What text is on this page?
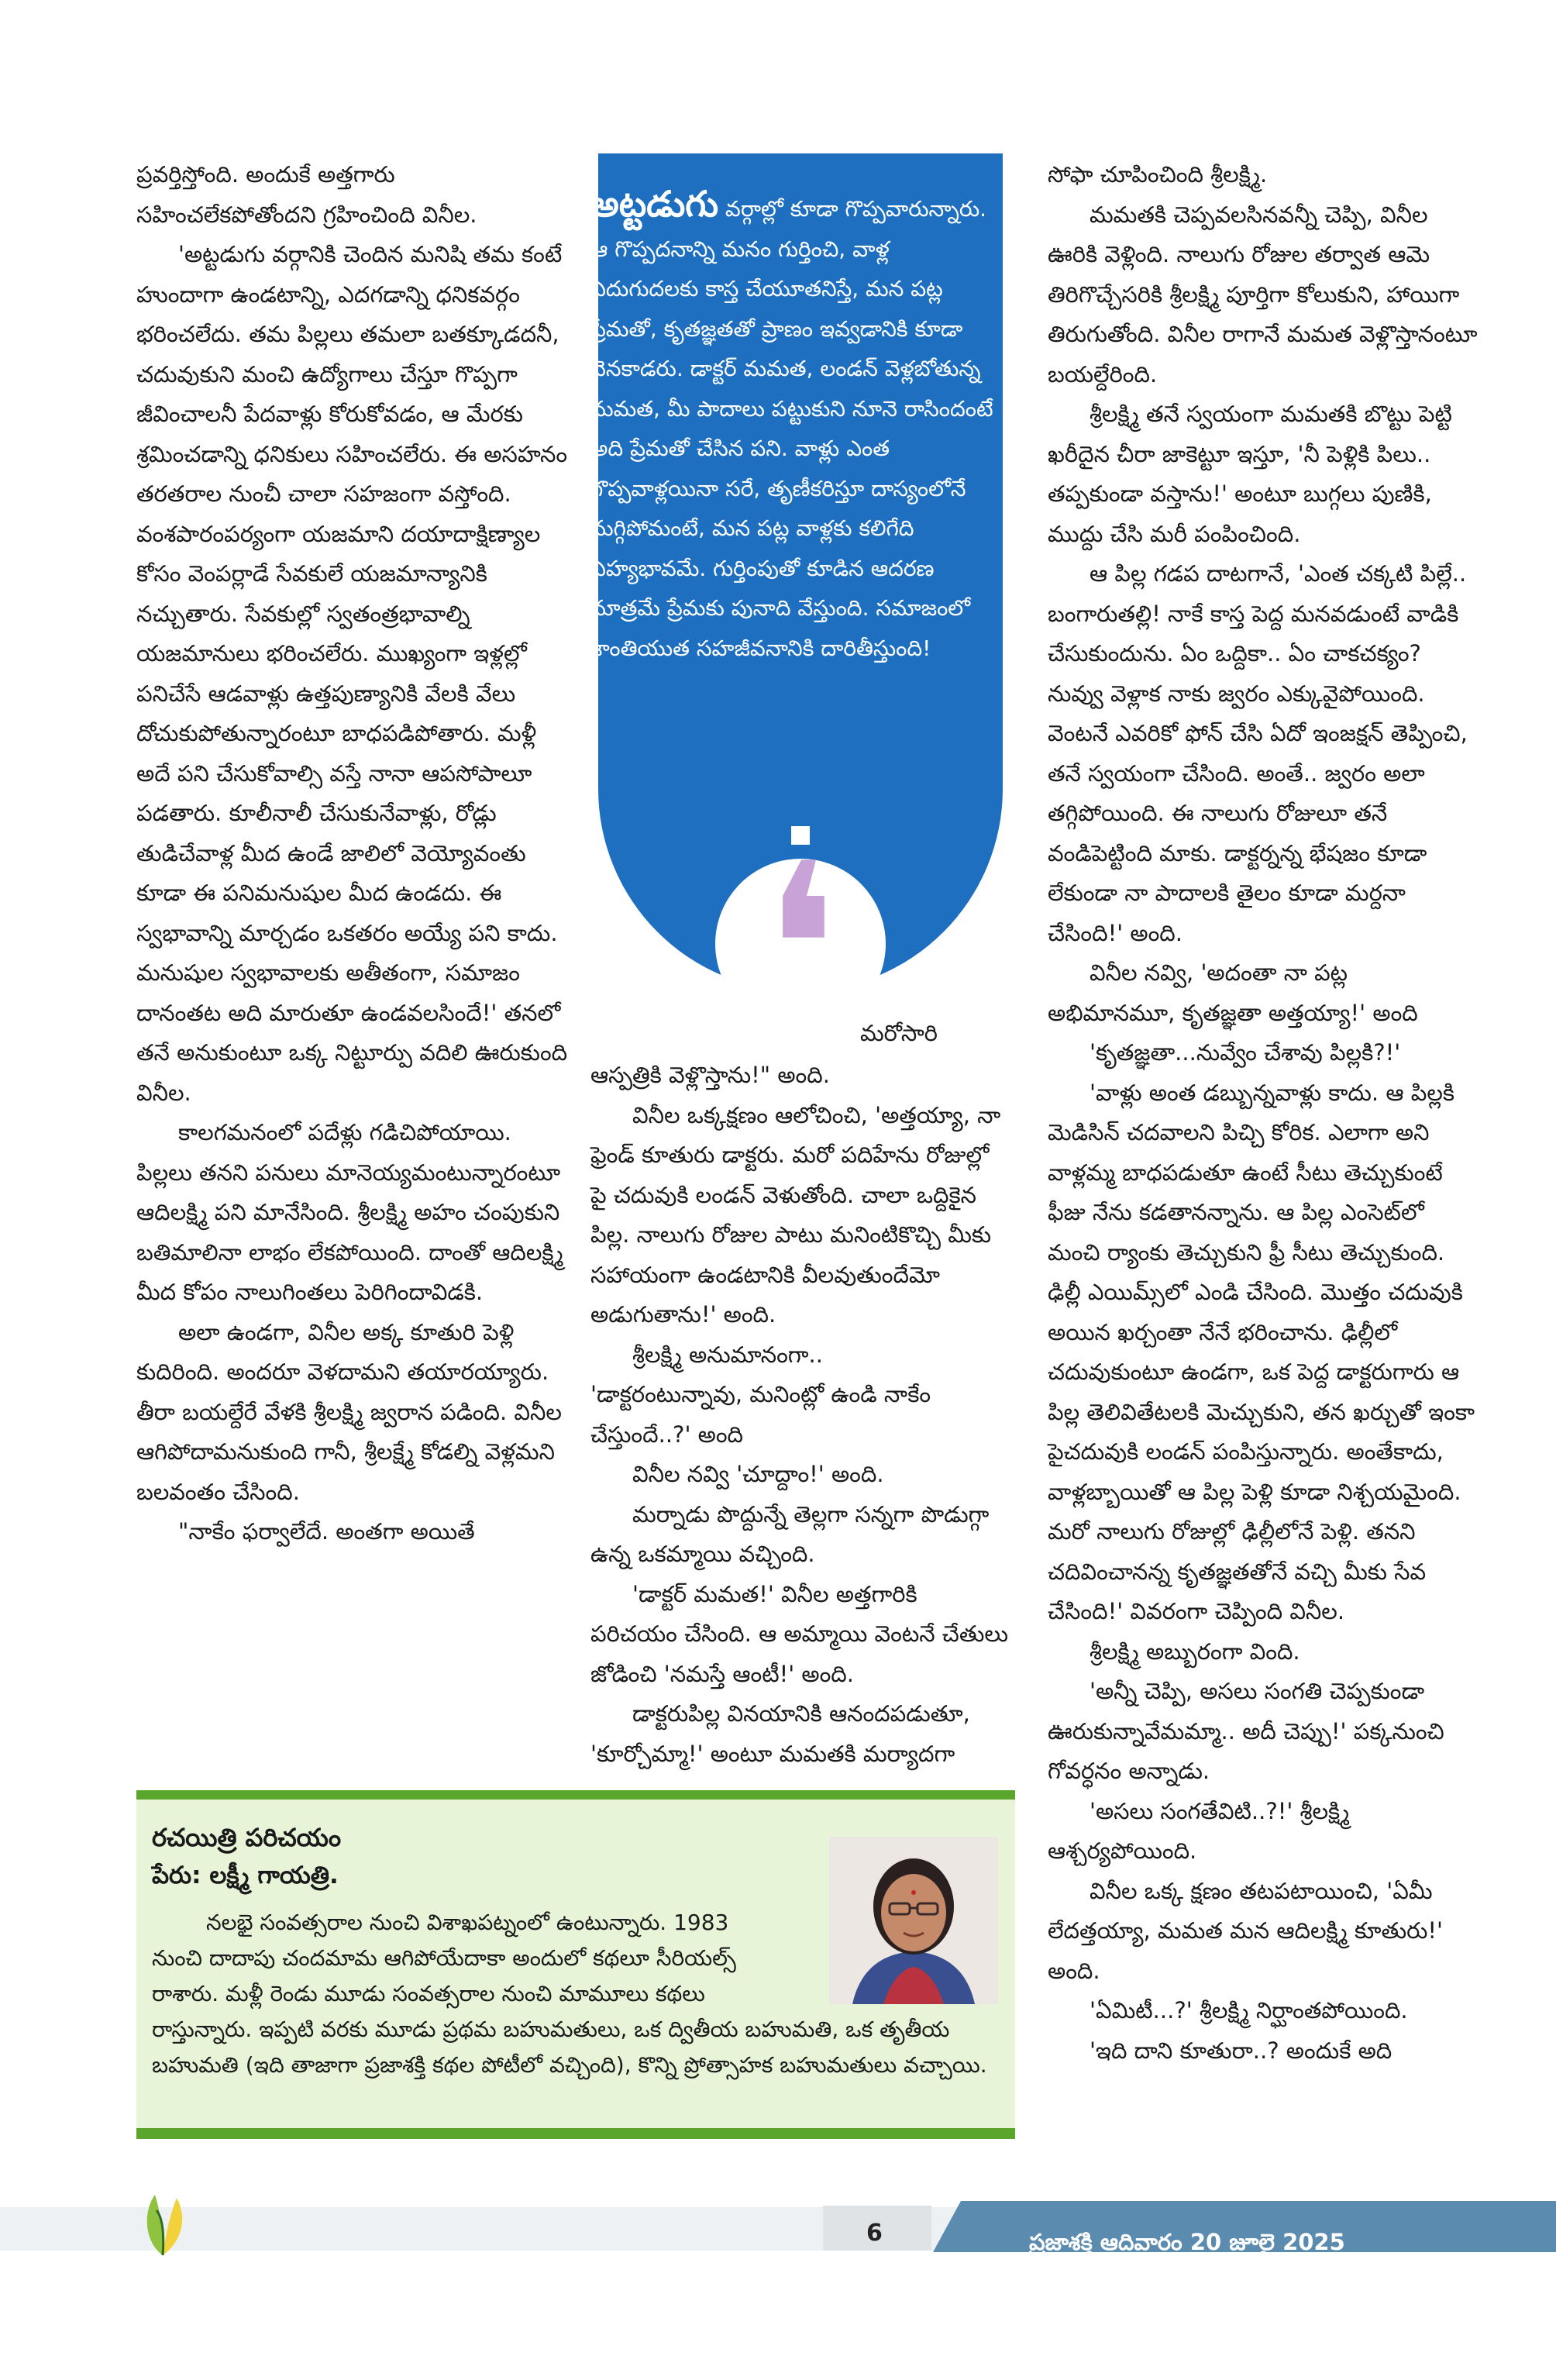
ప్రవర్తిస్తోంది. అందుకే అత్తగారు సహించలేకపోతోందని గ్రహించింది వినీల.

'అట్టడుగు వర్గానికి చెందిన మనిషి తమ కంటే హుందాగా ఉండటాన్ని, ఎదగడాన్ని ధనికవర్గం భరించలేదు. తమ పిల్లలు తమలా బతక్కూడదనీ, చదువుకుని మంచి ఉద్యోగాలు చేస్తూ గొప్పగా జీవించాలనీ పేదవాళ్లు కోరుకోవడం, ఆ మేరకు శ్రమించడాన్ని ధనికులు సహించలేరు. ఈ అసహనం తరతరాల నుంచీ చాలా సహజంగా వస్తోంది. వంశపారంపర్యంగా యజమాని దయాదాక్షిణ్యాల కోసం వెంపర్లాడే సేవకులే యజమాన్యానికి నచ్చుతారు. సేవకుల్లో స్వతంత్రభావాల్ని యజమానులు భరించలేరు. ముఖ్యంగా ఇళ్లల్లో పనిచేసే ఆడవాళ్లు ఉత్తపుణ్యానికి వేలకి వేలు దోచుకుపోతున్నారంటూ బాధపడిపోతారు. మళ్లీ అదే పని చేసుకోవాల్సి వస్తే నానా ఆపసోపాలూ పడతారు. కూలీనాలీ చేసుకునేవాళ్లు, రోడ్లు తుడిచేవాళ్ల మీద ఉండే జాలిలో వెయ్యోవంతు కూడా ఈ పనిమనుషుల మీద ఉండదు. ఈ స్వభావాన్ని మార్చడం ఒకతరం అయ్యే పని కాదు. మనుషుల స్వభావాలకు అతీతంగా, సమాజం దానంతట అది మారుతూ ఉండవలసిందే!' తనలో తనే అనుకుంటూ ఒక్క నిట్టూర్పు వదిలి ఊరుకుంది వినీల.

కాలగమనంలో పదేళ్లు గడిచిపోయాయి. పిల్లలు తనని పనులు మానెయ్యమంటున్నారంటూ ఆదిలక్ష్మి పని మానేసింది. శ్రీలక్ష్మి అహం చంపుకుని బతిమాలినా లాభం లేకపోయింది. దాంతో ఆదిలక్ష్మి మీద కోపం నాలుగింతలు పెరిగిందావిడకి.

అలా ఉండగా, వినీల అక్క కూతురి పెళ్లి కుదిరింది. అందరూ వెళదామని తయారయ్యారు. తీరా బయల్దేరే వేళకి శ్రీలక్ష్మి జ్వరాన పడింది. వినీల ఆగిపోదామనుకుంది గానీ, శ్రీలక్ష్మే కోడల్ని వెళ్లమని బలవంతం చేసింది.

"నాకేం ఫర్వాలేదే. అంతగా అయితే

❛
అట్టడుగు వర్గాల్లో కూడా గొప్పవారున్నారు. ఆ గొప్పదనాన్ని మనం గుర్తించి, వాళ్ల ఎదుగుదలకు కాస్త చేయూతనిస్తే, మన పట్ల ప్రేమతో, కృతజ్ఞతతో ప్రాణం ఇవ్వడానికి కూడా వెనకాడరు. డాక్టర్ మమత, లండన్ వెళ్లబోతున్న మమత, మీ పాదాలు పట్టుకుని నూనె రాసిందంటే అది ప్రేమతో చేసిన పని. వాళ్లు ఎంత గొప్పవాళ్లయినా సరే, తృణీకరిస్తూ దాస్యంలోనే మగ్గిపోమంటే, మన పట్ల వాళ్లకు కలిగేది ఏహ్యభావమే. గుర్తింపుతో కూడిన ఆదరణ మాత్రమే ప్రేమకు పునాది వేస్తుంది. సమాజంలో శాంతియుత సహజీవనానికి దారితీస్తుంది!
మరోసారి

ఆస్పత్రికి వెళ్లొస్తాను!" అంది.

వినీల ఒక్కక్షణం ఆలోచించి, 'అత్తయ్యా, నా ఫ్రెండ్ కూతురు డాక్టరు. మరో పదిహేను రోజుల్లో పై చదువుకి లండన్ వెళుతోంది. చాలా ఒద్దికైన పిల్ల. నాలుగు రోజుల పాటు మనింటికొచ్చి మీకు సహాయంగా ఉండటానికి వీలవుతుందేమో అడుగుతాను!' అంది.

శ్రీలక్ష్మి అనుమానంగా..

'డాక్టరంటున్నావు, మనింట్లో ఉండి నాకేం చేస్తుందే..?' అంది

వినీల నవ్వి 'చూద్దాం!' అంది.

మర్నాడు పొద్దున్నే తెల్లగా సన్నగా పొడుగ్గా ఉన్న ఒకమ్మాయి వచ్చింది.

'డాక్టర్ మమత!' వినీల అత్తగారికి పరిచయం చేసింది. ఆ అమ్మాయి వెంటనే చేతులు జోడించి 'నమస్తే ఆంటీ!' అంది.

డాక్టరుపిల్ల వినయానికి ఆనందపడుతూ, 'కూర్చోమ్మా!' అంటూ మమతకి మర్యాదగా

సోఫా చూపించింది శ్రీలక్ష్మి.

మమతకి చెప్పవలసినవన్నీ చెప్పి, వినీల ఊరికి వెళ్లింది. నాలుగు రోజుల తర్వాత ఆమె తిరిగొచ్చేసరికి శ్రీలక్ష్మి పూర్తిగా కోలుకుని, హాయిగా తిరుగుతోంది. వినీల రాగానే మమత వెళ్లొస్తానంటూ బయల్దేరింది.

శ్రీలక్ష్మి తనే స్వయంగా మమతకి బొట్టు పెట్టి ఖరీదైన చీరా జాకెట్టూ ఇస్తూ, 'నీ పెళ్లికి పిలు.. తప్పకుండా వస్తాను!' అంటూ బుగ్గలు పుణికి, ముద్దు చేసి మరీ పంపించింది.

ఆ పిల్ల గడప దాటగానే, 'ఎంత చక్కటి పిల్లే.. బంగారుతల్లి! నాకే కాస్త పెద్ద మనవడుంటే వాడికి చేసుకుందును. ఏం ఒద్దికా.. ఏం చాకచక్యం? నువ్వు వెళ్లాక నాకు జ్వరం ఎక్కువైపోయింది. వెంటనే ఎవరికో ఫోన్ చేసి ఏదో ఇంజక్షన్ తెప్పించి, తనే స్వయంగా చేసింది. అంతే.. జ్వరం అలా తగ్గిపోయింది. ఈ నాలుగు రోజులూ తనే వండిపెట్టింది మాకు. డాక్టర్నన్న భేషజం కూడా లేకుండా నా పాదాలకి తైలం కూడా మర్దనా చేసింది!' అంది.

వినీల నవ్వి, 'అదంతా నా పట్ల అభిమానమూ, కృతజ్ఞతా అత్తయ్యా!' అంది

'కృతజ్ఞతా...నువ్వేం చేశావు పిల్లకి?!'

'వాళ్లు అంత డబ్బున్నవాళ్లు కాదు. ఆ పిల్లకి మెడిసిన్ చదవాలని పిచ్చి కోరిక. ఎలాగా అని వాళ్లమ్మ బాధపడుతూ ఉంటే సీటు తెచ్చుకుంటే ఫీజు నేను కడతానన్నాను. ఆ పిల్ల ఎంసెట్‌లో మంచి ర్యాంకు తెచ్చుకుని ఫ్రీ సీటు తెచ్చుకుంది. ఢిల్లీ ఎయిమ్స్‌లో ఎండి చేసింది. మొత్తం చదువుకి అయిన ఖర్చంతా నేనే భరించాను. ఢిల్లీలో చదువుకుంటూ ఉండగా, ఒక పెద్ద డాక్టరుగారు ఆ పిల్ల తెలివితేటలకి మెచ్చుకుని, తన ఖర్చుతో ఇంకా పైచదువుకి లండన్ పంపిస్తున్నారు. అంతేకాదు, వాళ్లబ్బాయితో ఆ పిల్ల పెళ్లి కూడా నిశ్చయమైంది. మరో నాలుగు రోజుల్లో ఢిల్లీలోనే పెళ్లి. తనని చదివించానన్న కృతజ్ఞతతోనే వచ్చి మీకు సేవ చేసింది!' వివరంగా చెప్పింది వినీల.

శ్రీలక్ష్మి అబ్బురంగా వింది.

'అన్నీ చెప్పి, అసలు సంగతి చెప్పకుండా ఊరుకున్నావేమమ్మా.. అదీ చెప్పు!' పక్కనుంచి గోవర్ధనం అన్నాడు.

'అసలు సంగతేవిటి..?!' శ్రీలక్ష్మి ఆశ్చర్యపోయింది.

వినీల ఒక్క క్షణం తటపటాయించి, 'ఏమీ లేదత్తయ్యా, మమత మన ఆదిలక్ష్మి కూతురు!' అంది.

'ఏమిటీ...?' శ్రీలక్ష్మి నిర్ఘాంతపోయింది.

'ఇది దాని కూతురా..? అందుకే అది

రచయిత్రి పరిచయం
పేరు: లక్ష్మీ గాయత్రి.
నలభై సంవత్సరాల నుంచి విశాఖపట్నంలో ఉంటున్నారు. 1983 నుంచి దాదాపు చందమామ ఆగిపోయేదాకా అందులో కథలూ సీరియల్స్ రాశారు. మళ్లీ రెండు మూడు సంవత్సరాల నుంచి మామూలు కథలు
రాస్తున్నారు. ఇప్పటి వరకు మూడు ప్రథమ బహుమతులు, ఒక ద్వితీయ బహుమతి, ఒక తృతీయ బహుమతి (ఇది తాజాగా ప్రజాశక్తి కథల పోటీలో వచ్చింది), కొన్ని ప్రోత్సాహక బహుమతులు వచ్చాయి.
6	ప్రజాశక్తి ఆదివారం 20 జూలై 2025
